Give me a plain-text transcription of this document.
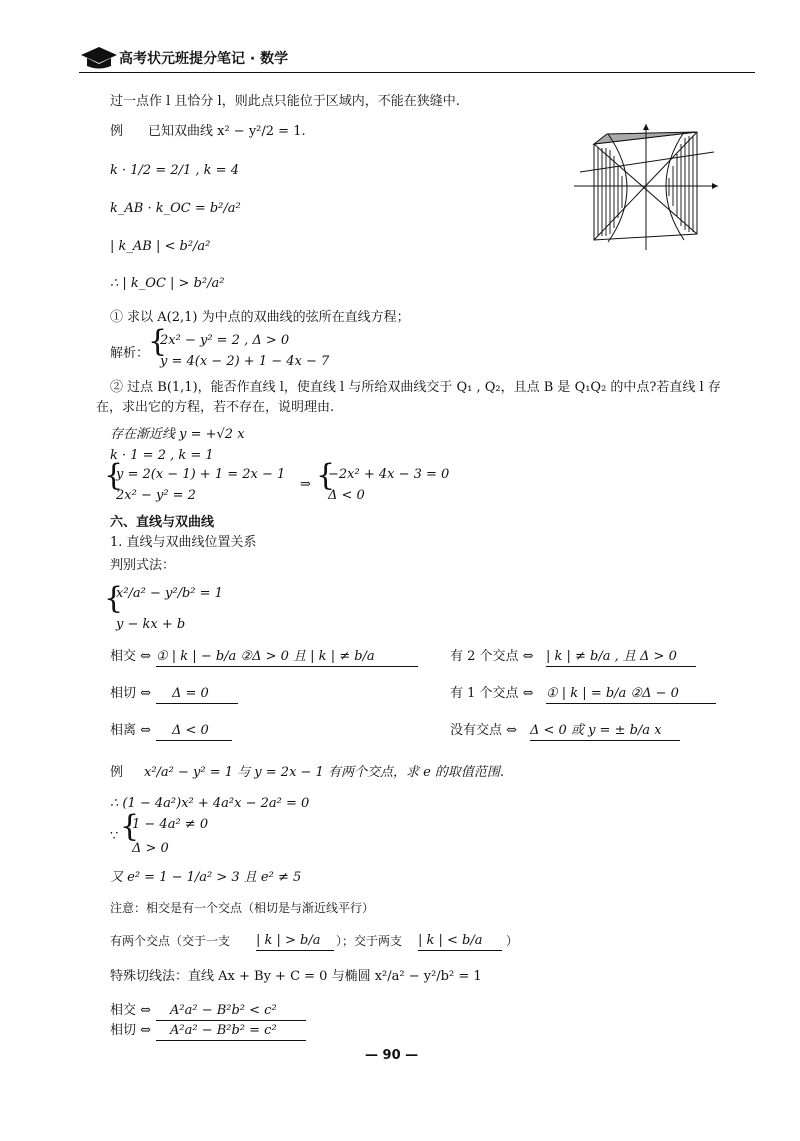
高考状元班提分笔记 · 数学
过一点作 l 且恰分 l，则此点只能位于区域内，不能在狭缝中.
例 已知双曲线 x² − y²/2 = 1.
k · 1/2 = 2/1 , k = 4
k_AB · k_OC = b²/a²
| k_AB | < b²/a²
∴ | k_OC | > b²/a²
① 求以 A(2,1) 为中点的双曲线的弦所在直线方程；
解析：
{
2x² − y² = 2 , Δ > 0
y = 4(x − 2) + 1 − 4x − 7
② 过点 B(1,1)，能否作直线 l，使直线 l 与所给双曲线交于 Q₁ , Q₂，且点 B 是 Q₁Q₂ 的中点?若直线 l 存
在，求出它的方程，若不存在，说明理由.
存在渐近线 y = +√2 x
k · 1 = 2 , k = 1
{
y = 2(x − 1) + 1 = 2x − 1
2x² − y² = 2
⇒ {
−2x² + 4x − 3 = 0
Δ < 0
六、直线与双曲线
1. 直线与双曲线位置关系
判别式法：
{
x²/a² − y²/b² = 1
y − kx + b
相交 ⇔ ① | k | − b/a ②Δ > 0 且 | k | ≠ b/a	有 2 个交点 ⇔ | k | ≠ b/a , 且 Δ > 0
相切 ⇔	Δ = 0	有 1 个交点 ⇔ ① | k | = b/a ②Δ − 0
相离 ⇔	Δ < 0	没有交点 ⇔ Δ < 0 或 y = ± b/a x
例 x²/a² − y² = 1 与 y = 2x − 1 有两个交点，求 e 的取值范围.
∴ (1 − 4a²)x² + 4a²x − 2a² = 0
∵ {
1 − 4a² ≠ 0
Δ > 0
又 e² = 1 − 1/a² > 3 且 e² ≠ 5
注意：相交是有一个交点（相切是与渐近线平行）
有两个交点（交于一支 | k | > b/a	）；交于两支 | k | < b/a	）
特殊切线法：直线 Ax + By + C = 0 与椭圆 x²/a² − y²/b² = 1
相交 ⇔	A²a² − B²b² < c²
相切 ⇔	A²a² − B²b² = c²
— 90 —
